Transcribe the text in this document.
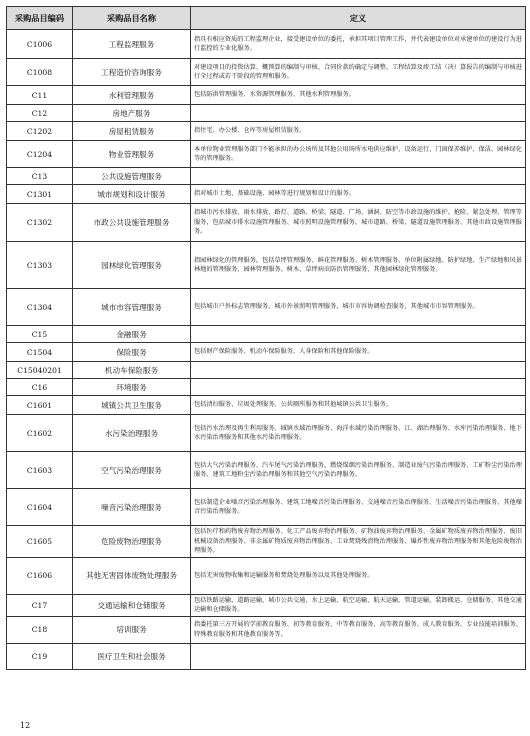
采购品目编码	采购品目名称	定义
C1006	工程监理服务	指具有相应资质的工程监理企业，接受建设单位的委托，承担其项目管理工作，并代表建设单位对承建单位的建设行为进行监控的专业化服务。
C1008	工程造价咨询服务	对建设项目的投资估算、概预算的编制与审核、合同价款的确定与调整、工程结算及竣工结（决）算报告的编制与审核进行全过程或若干阶段的管理和服务。
C11	水利管理服务	包括防洪管理服务、水资源管理服务、其他水利管理服务。
C12	房地产服务	
C1202	房屋租赁服务	指住宅、办公楼、仓库等房屋租赁服务。
C1204	物业管理服务	本单位物业管理服务部门不能承担的办公场所及其他公用场所水电供应维护、设备运行、门窗保养维护、保洁、园林绿化等的管理服务。
C13	公共设施管理服务	
C1301	城市规划和设计服务	指对城市土地、基础设施、园林等进行规划和设计的服务。
C1302	市政公共设施管理服务	指城市污水排放、雨水排放、路灯、道路、桥梁、隧道、广场、涵洞、防空等市政设施的维护、抢险、紧急处理、管理等服务，包括城市排水设施管理服务、城市照明设施管理服务、城市道路、桥梁、隧道设施管理服务、其他市政设施管理服务。
C1303	园林绿化管理服务	指园林绿化的管理服务，包括草坪管理服务、鲜花管理服务、树木管理服务、单位附属绿地、防护绿地、生产绿地和风景林地的管理服务、园林管理服务、树木、草坪病虫防治管理服务、其他园林绿化管理服务。
C1304	城市市容管理服务	包括城市户外标志管理服务、城市外景照明管理服务、城市市容协调检查服务、其他城市市容管理服务。
C15	金融服务	
C1504	保险服务	包括财产保险服务、机动车保险服务、人身保险和其他保险服务。
C15040201	机动车保险服务	
C16	环境服务	
C1601	城镇公共卫生服务	包括清扫服务、垃圾处理服务、公共厕所服务和其他城镇公共卫生服务。
C1602	水污染治理服务	包括污水治理及再生利用服务、城镇水域治理服务、海洋水域污染治理服务、江、湖治理服务、水库污染治理服务、地下水污染治理服务和其他水污染治理服务。
C1603	空气污染治理服务	包括大气污染治理服务、汽车尾气污染治理服务、燃烧煤烟污染治理服务、制造业废气污染治理服务、工矿粉尘污染治理服务、建筑工地粉尘污染治理服务和其他空气污染治理服务。
C1604	噪音污染治理服务	包括制造企业噪音污染治理服务、建筑工地噪音污染治理服务、交通噪音污染治理服务、生活噪音污染治理服务、其他噪音污染治理服务。
C1605	危险废物治理服务	包括医疗和药物废弃物治理服务、化工产品废弃物治理服务、矿物油废弃物治理服务、金属矿物质废弃物治理服务、废旧机械设备治理服务、非金属矿物质废弃物治理服务、工业焚烧残渣物治理服务、爆炸性废弃物治理服务和其他危险废物治理服务。
C1606	其他无害固体废物处理服务	包括无害废物收集和运输服务和焚烧处理服务以及其他处理服务。
C17	交通运输和仓储服务	包括铁路运输、道路运输、城市公共交通、水上运输、航空运输、航天运输、管道运输、装卸搬运、仓储服务、其他交通运输和仓储服务。
C18	培训服务	指委托第三方开展的学前教育服务、初等教育服务、中等教育服务、高等教育服务、成人教育服务、专业技能培训服务、特殊教育服务和其他教育服务等。
C19	医疗卫生和社会服务	
12
